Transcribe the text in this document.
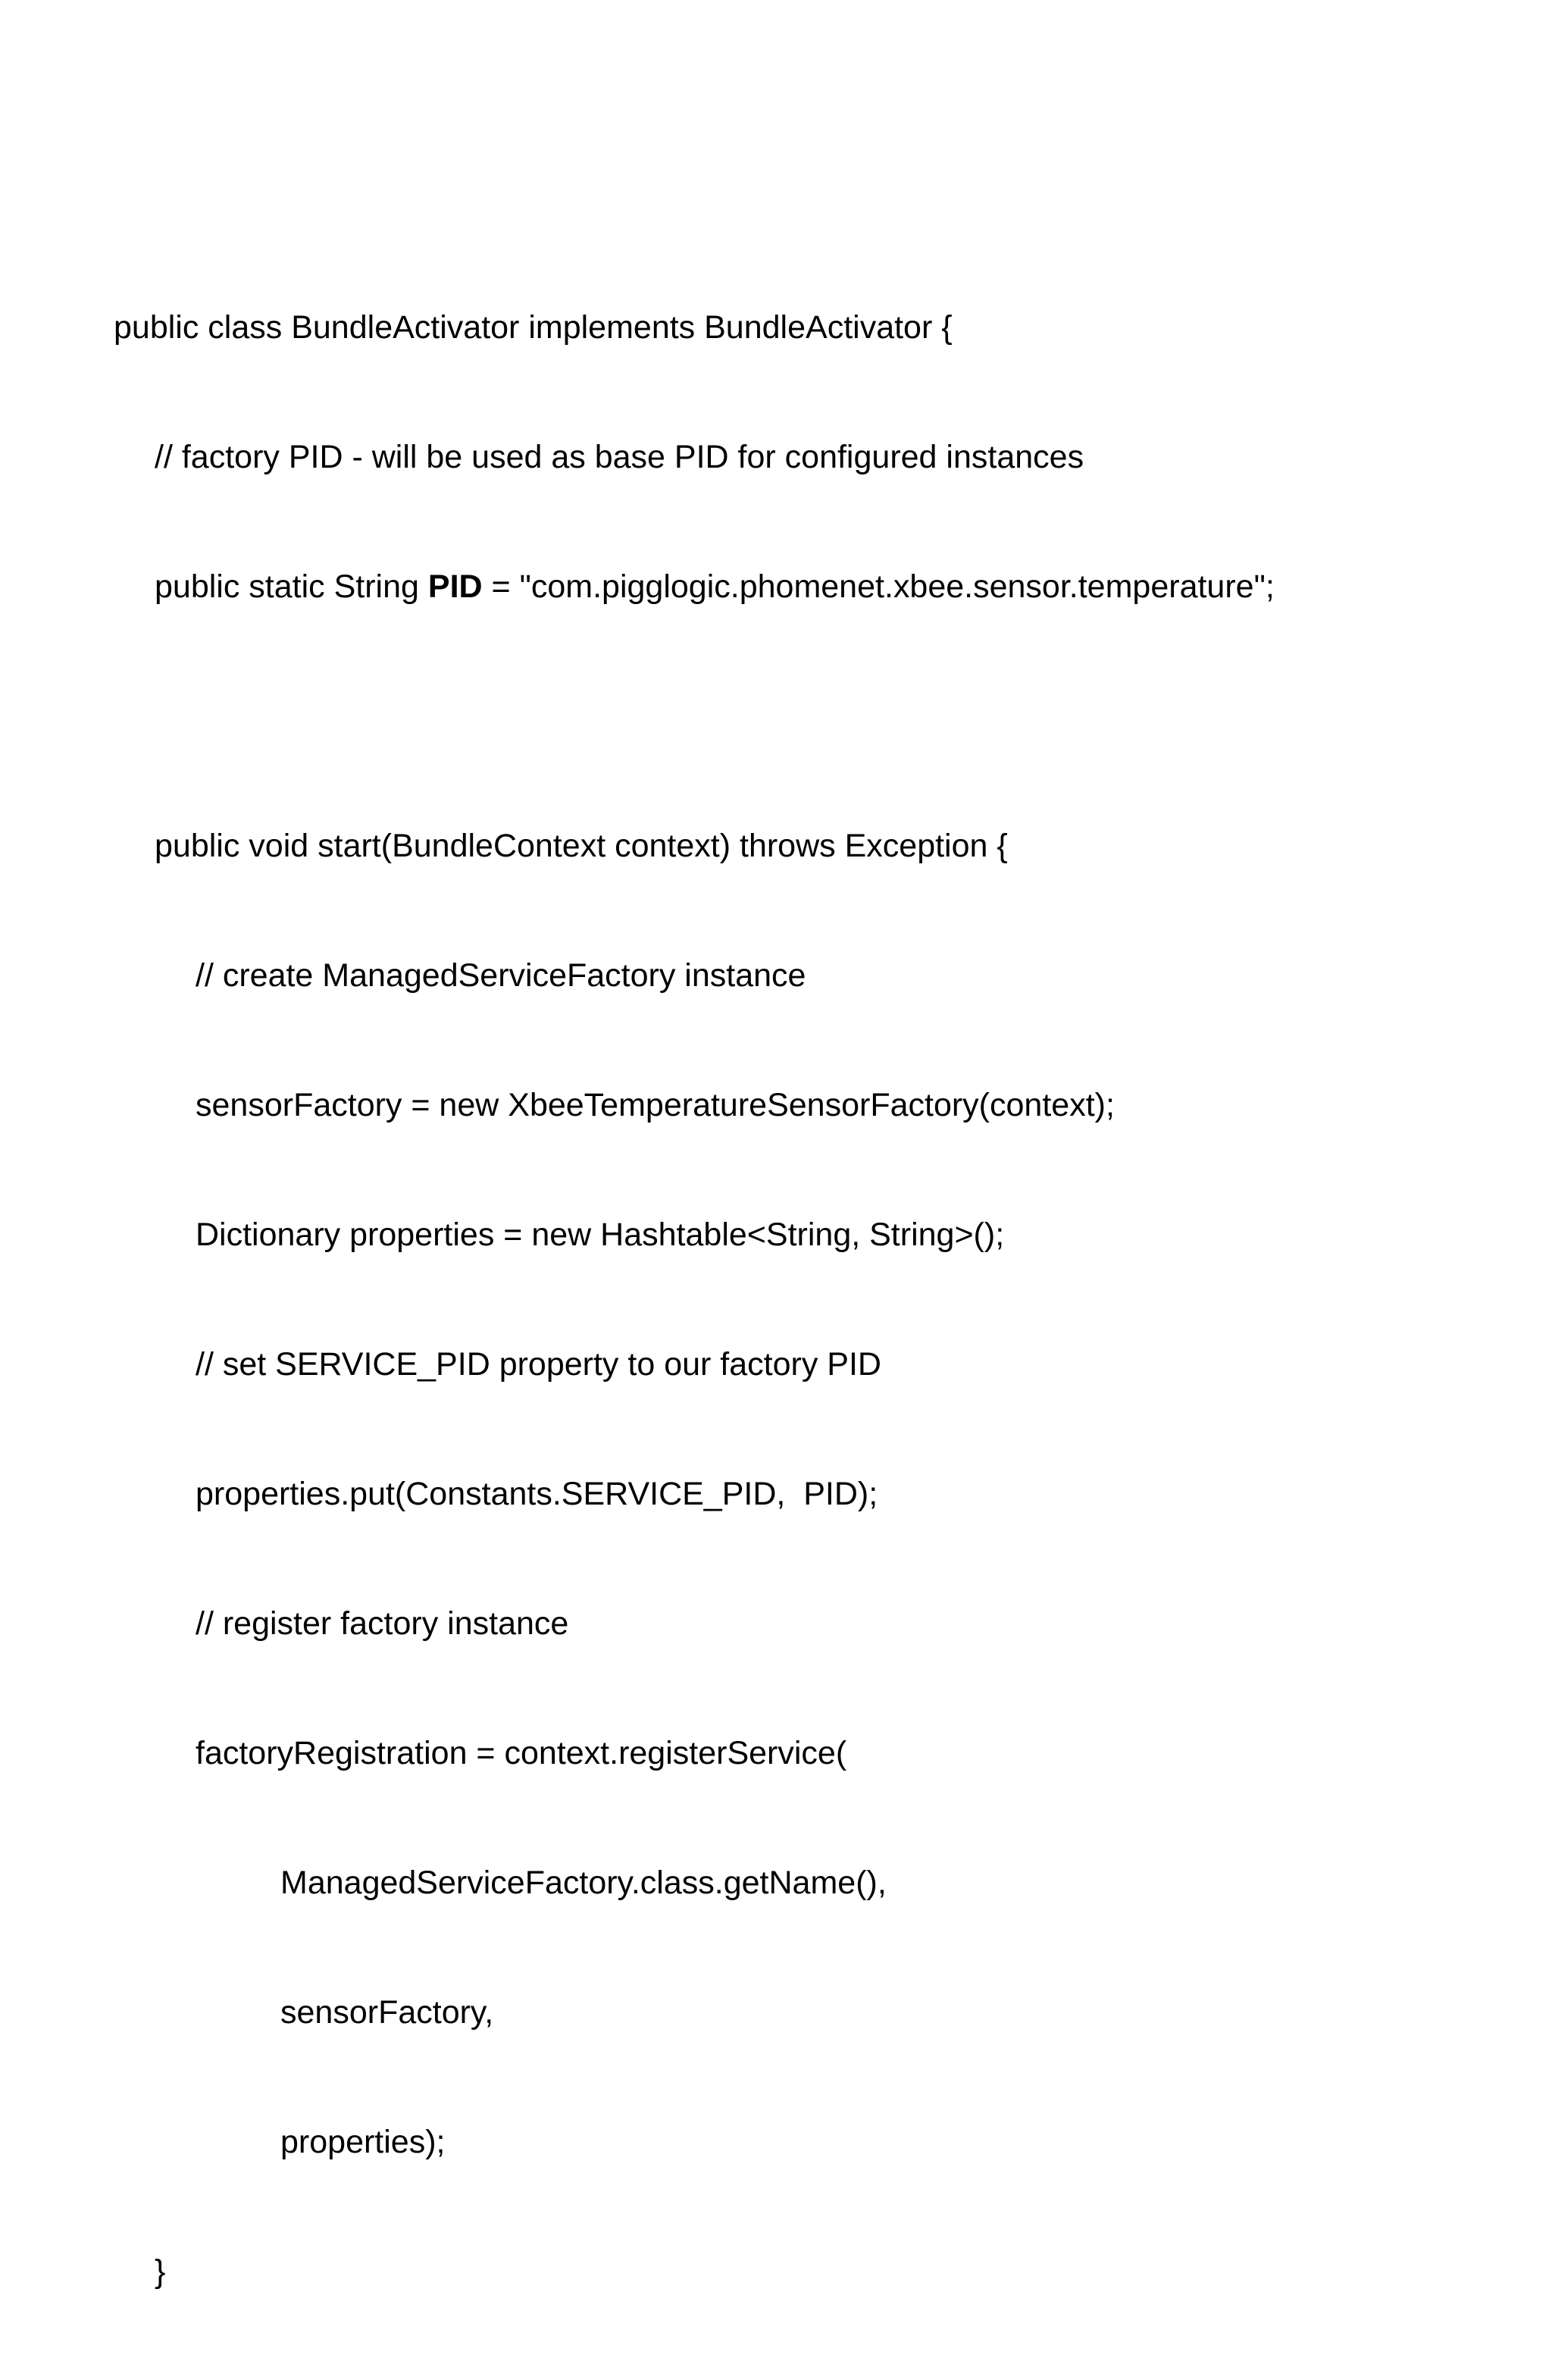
public class BundleActivator implements BundleActivator {

// factory PID - will be used as base PID for configured instances

public static String PID = "com.pigglogic.phomenet.xbee.sensor.temperature";

public void start(BundleContext context) throws Exception {

// create ManagedServiceFactory instance

sensorFactory = new XbeeTemperatureSensorFactory(context);

Dictionary properties = new Hashtable<String, String>();

// set SERVICE_PID property to our factory PID

properties.put(Constants.SERVICE_PID,  PID);

// register factory instance

factoryRegistration = context.registerService(

ManagedServiceFactory.class.getName(),

sensorFactory,

properties);

}
